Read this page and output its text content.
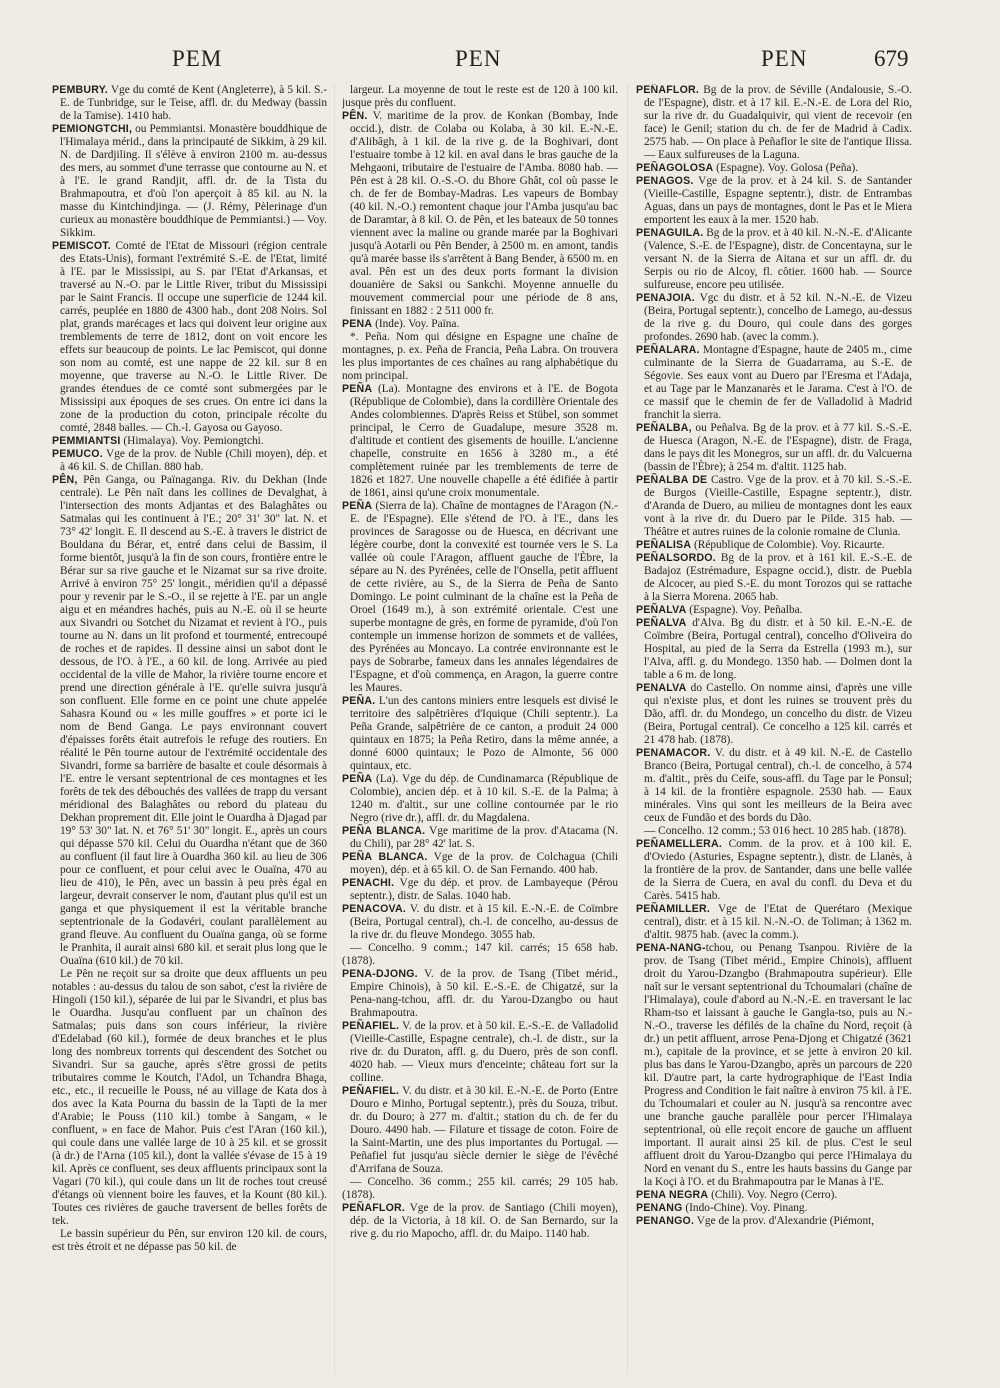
PEM	PEN	PEN	679

PEMBURY. Vge du comté de Kent (Angleterre), à 5 kil. S.-E. de Tunbridge, sur le Teise, affl. dr. du Medway (bassin de la Tamise). 1410 hab.

PEMIONGTCHI, ou Pemmiantsi. Monastère bouddhique de l'Himalaya mérid., dans la principauté de Sikkim, à 29 kil. N. de Dardjiling. Il s'élève à environ 2100 m. au-dessus des mers, au sommet d'une terrasse que contourne au N. et à l'E. le grand Randjit, affl. dr. de la Tista du Brahmapoutra, et d'où l'on aperçoit à 85 kil. au N. la masse du Kintchindjinga. — (J. Rémy, Pèlerinage d'un curieux au monastère bouddhique de Pemmiantsi.) — Voy. Sikkim.

PEMISCOT. Comté de l'Etat de Missouri (région centrale des Etats-Unis), formant l'extrémité S.-E. de l'Etat, limité à l'E. par le Mississipi, au S. par l'Etat d'Arkansas, et traversé au N.-O. par le Little River, tribut du Mississipi par le Saint Francis. Il occupe une superficie de 1244 kil. carrés, peuplée en 1880 de 4300 hab., dont 208 Noirs. Sol plat, grands marécages et lacs qui doivent leur origine aux tremblements de terre de 1812, dont on voit encore les effets sur beaucoup de points. Le lac Pemiscot, qui donne son nom au comté, est une nappe de 22 kil. sur 8 en moyenne, que traverse au N.-O. le Little River. De grandes étendues de ce comté sont submergées par le Mississipi aux époques de ses crues. On entre ici dans la zone de la production du coton, principale récolte du comté, 2848 balles. — Ch.-l. Gayosa ou Gayoso.

PEMMIANTSI (Himalaya). Voy. Pemiongtchi.

PEMUCO. Vge de la prov. de Nuble (Chili moyen), dép. et à 46 kil. S. de Chillan. 880 hab.

PÊN, Pên Ganga, ou Païnaganga. Riv. du Dekhan (Inde centrale). Le Pên naît dans les collines de Devalghat, à l'intersection des monts Adjantas et des Balaghâtes ou Satmalas qui les continuent à l'E.; 20° 31' 30" lat. N. et 73° 42' longit. E. Il descend au S.-E. à travers le district de Bouldana du Bérar, et, entré dans celui de Bassim, il forme bientôt, jusqu'à la fin de son cours, frontière entre le Bérar sur sa rive gauche et le Nizamat sur sa rive droite. Arrivé à environ 75° 25' longit., méridien qu'il a dépassé pour y revenir par le S.-O., il se rejette à l'E. par un angle aigu et en méandres hachés, puis au N.-E. où il se heurte aux Sivandri ou Sotchet du Nizamat et revient à l'O., puis tourne au N. dans un lit profond et tourmenté, entrecoupé de roches et de rapides. Il dessine ainsi un sabot dont le dessous, de l'O. à l'E., a 60 kil. de long. Arrivée au pied occidental de la ville de Mahor, la rivière tourne encore et prend une direction générale à l'E. qu'elle suivra jusqu'à son confluent. Elle forme en ce point une chute appelée Sahasra Kound ou « les mille gouffres » et porte ici le nom de Bend Ganga. Le pays environnant couvert d'épaisses forêts était autrefois le refuge des routiers. En réalité le Pên tourne autour de l'extrémité occidentale des Sivandri, forme sa barrière de basalte et coule désormais à l'E. entre le versant septentrional de ces montagnes et les forêts de tek des débouchés des vallées de trapp du versant méridional des Balaghâtes ou rebord du plateau du Dekhan proprement dit. Elle joint le Ouardha à Djagad par 19° 53' 30" lat. N. et 76° 51' 30" longit. E., après un cours qui dépasse 570 kil. Celui du Ouardha n'étant que de 360 au confluent (il faut lire à Ouardha 360 kil. au lieu de 306 pour ce confluent, et pour celui avec le Ouaïna, 470 au lieu de 410), le Pên, avec un bassin à peu près égal en largeur, devrait conserver le nom, d'autant plus qu'il est un ganga et que physiquement il est la véritable branche septentrionale de la Godavéri, coulant parallèlement au grand fleuve. Au confluent du Ouaïna ganga, où se forme le Pranhita, il aurait ainsi 680 kil. et serait plus long que le Ouaïna (610 kil.) de 70 kil.

Le Pên ne reçoit sur sa droite que deux affluents un peu notables : au-dessus du talou de son sabot, c'est la rivière de Hingoli (150 kil.), séparée de lui par le Sivandri, et plus bas le Ouardha. Jusqu'au confluent par un chaînon des Satmalas; puis dans son cours inférieur, la rivière d'Edelabad (60 kil.), formée de deux branches et le plus long des nombreux torrents qui descendent des Sotchet ou Sivandri. Sur sa gauche, après s'être grossi de petits tributaires comme le Koutch, l'Adol, un Tchandra Bhaga, etc., etc., il recueille le Pouss, né au village de Kata dos à dos avec la Kata Pourna du bassin de la Tapti de la mer d'Arabie; le Pouss (110 kil.) tombe à Sangam, « le confluent, » en face de Mahor. Puis c'est l'Aran (160 kil.), qui coule dans une vallée large de 10 à 25 kil. et se grossit (à dr.) de l'Arna (105 kil.), dont la vallée s'évase de 15 à 19 kil. Après ce confluent, ses deux affluents principaux sont la Vagari (70 kil.), qui coule dans un lit de roches tout creusé d'étangs où viennent boire les fauves, et la Kount (80 kil.). Toutes ces rivières de gauche traversent de belles forêts de tek.

Le bassin supérieur du Pên, sur environ 120 kil. de cours, est très étroit et ne dépasse pas 50 kil. de

largeur. La moyenne de tout le reste est de 120 à 100 kil. jusque près du confluent.

PÊN. V. maritime de la prov. de Konkan (Bombay, Inde occid.), distr. de Colaba ou Kolaba, à 30 kil. E.-N.-E. d'Alibâgh, à 1 kil. de la rive g. de la Boghivari, dont l'estuaire tombe à 12 kil. en aval dans le bras gauche de la Mehgaoni, tributaire de l'estuaire de l'Amba. 8080 hab. — Pên est à 28 kil. O.-S.-O. du Bhore Ghât, col où passe le ch. de fer de Bombay-Madras. Les vapeurs de Bombay (40 kil. N.-O.) remontent chaque jour l'Amba jusqu'au bac de Daramtar, à 8 kil. O. de Pên, et les bateaux de 50 tonnes viennent avec la maline ou grande marée par la Boghivari jusqu'à Aotarli ou Pên Bender, à 2500 m. en amont, tandis qu'à marée basse ils s'arrêtent à Bang Bender, à 6500 m. en aval. Pên est un des deux ports formant la division douanière de Saksi ou Sankchi. Moyenne annuelle du mouvement commercial pour une période de 8 ans, finissant en 1882 : 2 511 000 fr.

PENA (Inde). Voy. Païna.

*. Peña. Nom qui désigne en Espagne une chaîne de montagnes, p. ex. Peña de Francia, Peña Labra. On trouvera les plus importantes de ces chaînes au rang alphabétique du nom principal.

PEÑA (La). Montagne des environs et à l'E. de Bogota (République de Colombie), dans la cordillère Orientale des Andes colombiennes. D'après Reiss et Stübel, son sommet principal, le Cerro de Guadalupe, mesure 3528 m. d'altitude et contient des gisements de houille. L'ancienne chapelle, construite en 1656 à 3280 m., a été complètement ruinée par les tremblements de terre de 1826 et 1827. Une nouvelle chapelle a été édifiée à partir de 1861, ainsi qu'une croix monumentale.

PEÑA (Sierra de la). Chaîne de montagnes de l'Aragon (N.-E. de l'Espagne). Elle s'étend de l'O. à l'E., dans les provinces de Saragosse ou de Huesca, en décrivant une légère courbe, dont la convexité est tournée vers le S. La vallée où coule l'Aragon, affluent gauche de l'Èbre, la sépare au N. des Pyrénées, celle de l'Onsella, petit affluent de cette rivière, au S., de la Sierra de Peña de Santo Domingo. Le point culminant de la chaîne est la Peña de Oroel (1649 m.), à son extrémité orientale. C'est une superbe montagne de grès, en forme de pyramide, d'où l'on contemple un immense horizon de sommets et de vallées, des Pyrénées au Moncayo. La contrée environnante est le pays de Sobrarbe, fameux dans les annales légendaires de l'Espagne, et d'où commença, en Aragon, la guerre contre les Maures.

PEÑA. L'un des cantons miniers entre lesquels est divisé le territoire des salpêtrières d'Iquique (Chili septentr.). La Peña Grande, salpêtrière de ce canton, a produit 24 000 quintaux en 1875; la Peña Retiro, dans la même année, a donné 6000 quintaux; le Pozo de Almonte, 56 000 quintaux, etc.

PEÑA (La). Vge du dép. de Cundinamarca (République de Colombie), ancien dép. et à 10 kil. S.-E. de la Palma; à 1240 m. d'altit., sur une colline contournée par le rio Negro (rive dr.), affl. dr. du Magdalena.

PEÑA BLANCA. Vge maritime de la prov. d'Atacama (N. du Chili), par 28° 42' lat. S.

PEÑA BLANCA. Vge de la prov. de Colchagua (Chili moyen), dép. et à 65 kil. O. de San Fernando. 400 hab.

PENACHI. Vge du dép. et prov. de Lambayeque (Pérou septentr.), distr. de Salas. 1040 hab.

PENACOVA. V. du distr. et à 15 kil. E.-N.-E. de Coïmbre (Beira, Portugal central), ch.-l. de concelho, au-dessus de la rive dr. du fleuve Mondego. 3055 hab.

— Concelho. 9 comm.; 147 kil. carrés; 15 658 hab. (1878).

PENA-DJONG. V. de la prov. de Tsang (Tibet mérid., Empire Chinois), à 50 kil. E.-S.-E. de Chigatzé, sur la Pena-nang-tchou, affl. dr. du Yarou-Dzangbo ou haut Brahmapoutra.

PEÑAFIEL. V. de la prov. et à 50 kil. E.-S.-E. de Valladolid (Vieille-Castille, Espagne centrale), ch.-l. de distr., sur la rive dr. du Duraton, affl. g. du Duero, près de son confl. 4020 hab. — Vieux murs d'enceinte; château fort sur la colline.

PEÑAFIEL. V. du distr. et à 30 kil. E.-N.-E. de Porto (Entre Douro e Minho, Portugal septentr.), près du Souza, tribut. dr. du Douro; à 277 m. d'altit.; station du ch. de fer du Douro. 4490 hab. — Filature et tissage de coton. Foire de la Saint-Martin, une des plus importantes du Portugal. — Peñafiel fut jusqu'au siècle dernier le siège de l'évêché d'Arrifana de Souza.

— Concelho. 36 comm.; 255 kil. carrés; 29 105 hab. (1878).

PEÑAFLOR. Vge de la prov. de Santiago (Chili moyen), dép. de la Victoria, à 18 kil. O. de San Bernardo, sur la rive g. du rio Mapocho, affl. dr. du Maipo. 1140 hab.

PEÑAFLOR. Bg de la prov. de Séville (Andalousie, S.-O. de l'Espagne), distr. et à 17 kil. E.-N.-E. de Lora del Rio, sur la rive dr. du Guadalquivir, qui vient de recevoir (en face) le Genil; station du ch. de fer de Madrid à Cadix. 2575 hab. — On place à Peñaflor le site de l'antique Ilissa. — Eaux sulfureuses de la Laguna.

PEÑAGOLOSA (Espagne). Voy. Golosa (Peña).

PENAGOS. Vge de la prov. et à 24 kil. S. de Santander (Vieille-Castille, Espagne septentr.), distr. de Entrambas Aguas, dans un pays de montagnes, dont le Pas et le Miera emportent les eaux à la mer. 1520 hab.

PENAGUILA. Bg de la prov. et à 40 kil. N.-N.-E. d'Alicante (Valence, S.-E. de l'Espagne), distr. de Concentayna, sur le versant N. de la Sierra de Aitana et sur un affl. dr. du Serpis ou rio de Alcoy, fl. côtier. 1600 hab. — Source sulfureuse, encore peu utilisée.

PENAJOIA. Vgc du distr. et à 52 kil. N.-N.-E. de Vizeu (Beira, Portugal septentr.), concelho de Lamego, au-dessus de la rive g. du Douro, qui coule dans des gorges profondes. 2690 hab. (avec la comm.).

PEÑALARA. Montagne d'Espagne, haute de 2405 m., cime culminante de la Sierra de Guadarrama, au S.-E. de Ségovie. Ses eaux vont au Duero par l'Eresma et l'Adaja, et au Tage par le Manzanarès et le Jarama. C'est à l'O. de ce massif que le chemin de fer de Valladolid à Madrid franchit la sierra.

PEÑALBA, ou Peñalva. Bg de la prov. et à 77 kil. S.-S.-E. de Huesca (Aragon, N.-E. de l'Espagne), distr. de Fraga, dans le pays dit les Monegros, sur un affl. dr. du Valcuerna (bassin de l'Èbre); à 254 m. d'altit. 1125 hab.

PEÑALBA DE Castro. Vge de la prov. et à 70 kil. S.-S.-E. de Burgos (Vieille-Castille, Espagne septentr.), distr. d'Aranda de Duero, au milieu de montagnes dont les eaux vont à la rive dr. du Duero par le Pilde. 315 hab. — Théâtre et autres ruines de la colonie romaine de Clunia.

PEÑALISA (République de Colombie). Voy. Ricaurte.

PEÑALSORDO. Bg de la prov. et à 161 kil. E.-S.-E. de Badajoz (Estrémadure, Espagne occid.), distr. de Puebla de Alcocer, au pied S.-E. du mont Torozos qui se rattache à la Sierra Morena. 2065 hab.

PEÑALVA (Espagne). Voy. Peñalba.

PEÑALVA d'Alva. Bg du distr. et à 50 kil. E.-N.-E. de Coïmbre (Beira, Portugal central), concelho d'Oliveira do Hospital, au pied de la Serra da Estrella (1993 m.), sur l'Alva, affl. g. du Mondego. 1350 hab. — Dolmen dont la table a 6 m. de long.

PENALVA do Castello. On nomme ainsi, d'après une ville qui n'existe plus, et dont les ruines se trouvent près du Dão, affl. dr. du Mondego, un concelho du distr. de Vizeu (Beira, Portugal central). Ce concelho a 125 kil. carrés et 21 478 hab. (1878).

PENAMACOR. V. du distr. et à 49 kil. N.-E. de Castello Branco (Beira, Portugal central), ch.-l. de concelho, à 574 m. d'altit., près du Ceife, sous-affl. du Tage par le Ponsul; à 14 kil. de la frontière espagnole. 2530 hab. — Eaux minérales. Vins qui sont les meilleurs de la Beira avec ceux de Fundão et des bords du Dão.

— Concelho. 12 comm.; 53 016 hect. 10 285 hab. (1878).

PEÑAMELLERA. Comm. de la prov. et à 100 kil. E. d'Oviedo (Asturies, Espagne septentr.), distr. de Llanès, à la frontière de la prov. de Santander, dans une belle vallée de la Sierra de Cuera, en aval du confl. du Deva et du Carès. 5415 hab.

PEÑAMILLER. Vge de l'Etat de Querétaro (Mexique central), distr. et à 15 kil. N.-N.-O. de Toliman; à 1362 m. d'altit. 9875 hab. (avec la comm.).

PENA-NANG-tchou, ou Penang Tsanpou. Rivière de la prov. de Tsang (Tibet mérid., Empire Chinois), affluent droit du Yarou-Dzangbo (Brahmapoutra supérieur). Elle naît sur le versant septentrional du Tchoumalari (chaîne de l'Himalaya), coule d'abord au N.-N.-E. en traversant le lac Rham-tso et laissant à gauche le Gangla-tso, puis au N.-N.-O., traverse les défilés de la chaîne du Nord, reçoit (à dr.) un petit affluent, arrose Pena-Djong et Chigatzé (3621 m.), capitale de la province, et se jette à environ 20 kil. plus bas dans le Yarou-Dzangbo, après un parcours de 220 kil. D'autre part, la carte hydrographique de l'East India Progress and Condition le fait naître à environ 75 kil. à l'E. du Tchoumalari et couler au N. jusqu'à sa rencontre avec une branche gauche parallèle pour percer l'Himalaya septentrional, où elle reçoit encore de gauche un affluent important. Il aurait ainsi 25 kil. de plus. C'est le seul affluent droit du Yarou-Dzangbo qui perce l'Himalaya du Nord en venant du S., entre les hauts bassins du Gange par la Koçi à l'O. et du Brahmapoutra par le Manas à l'E.

PENA NEGRA (Chili). Voy. Negro (Cerro).

PENANG (Indo-Chine). Voy. Pinang.

PENANGO. Vge de la prov. d'Alexandrie (Piémont,
